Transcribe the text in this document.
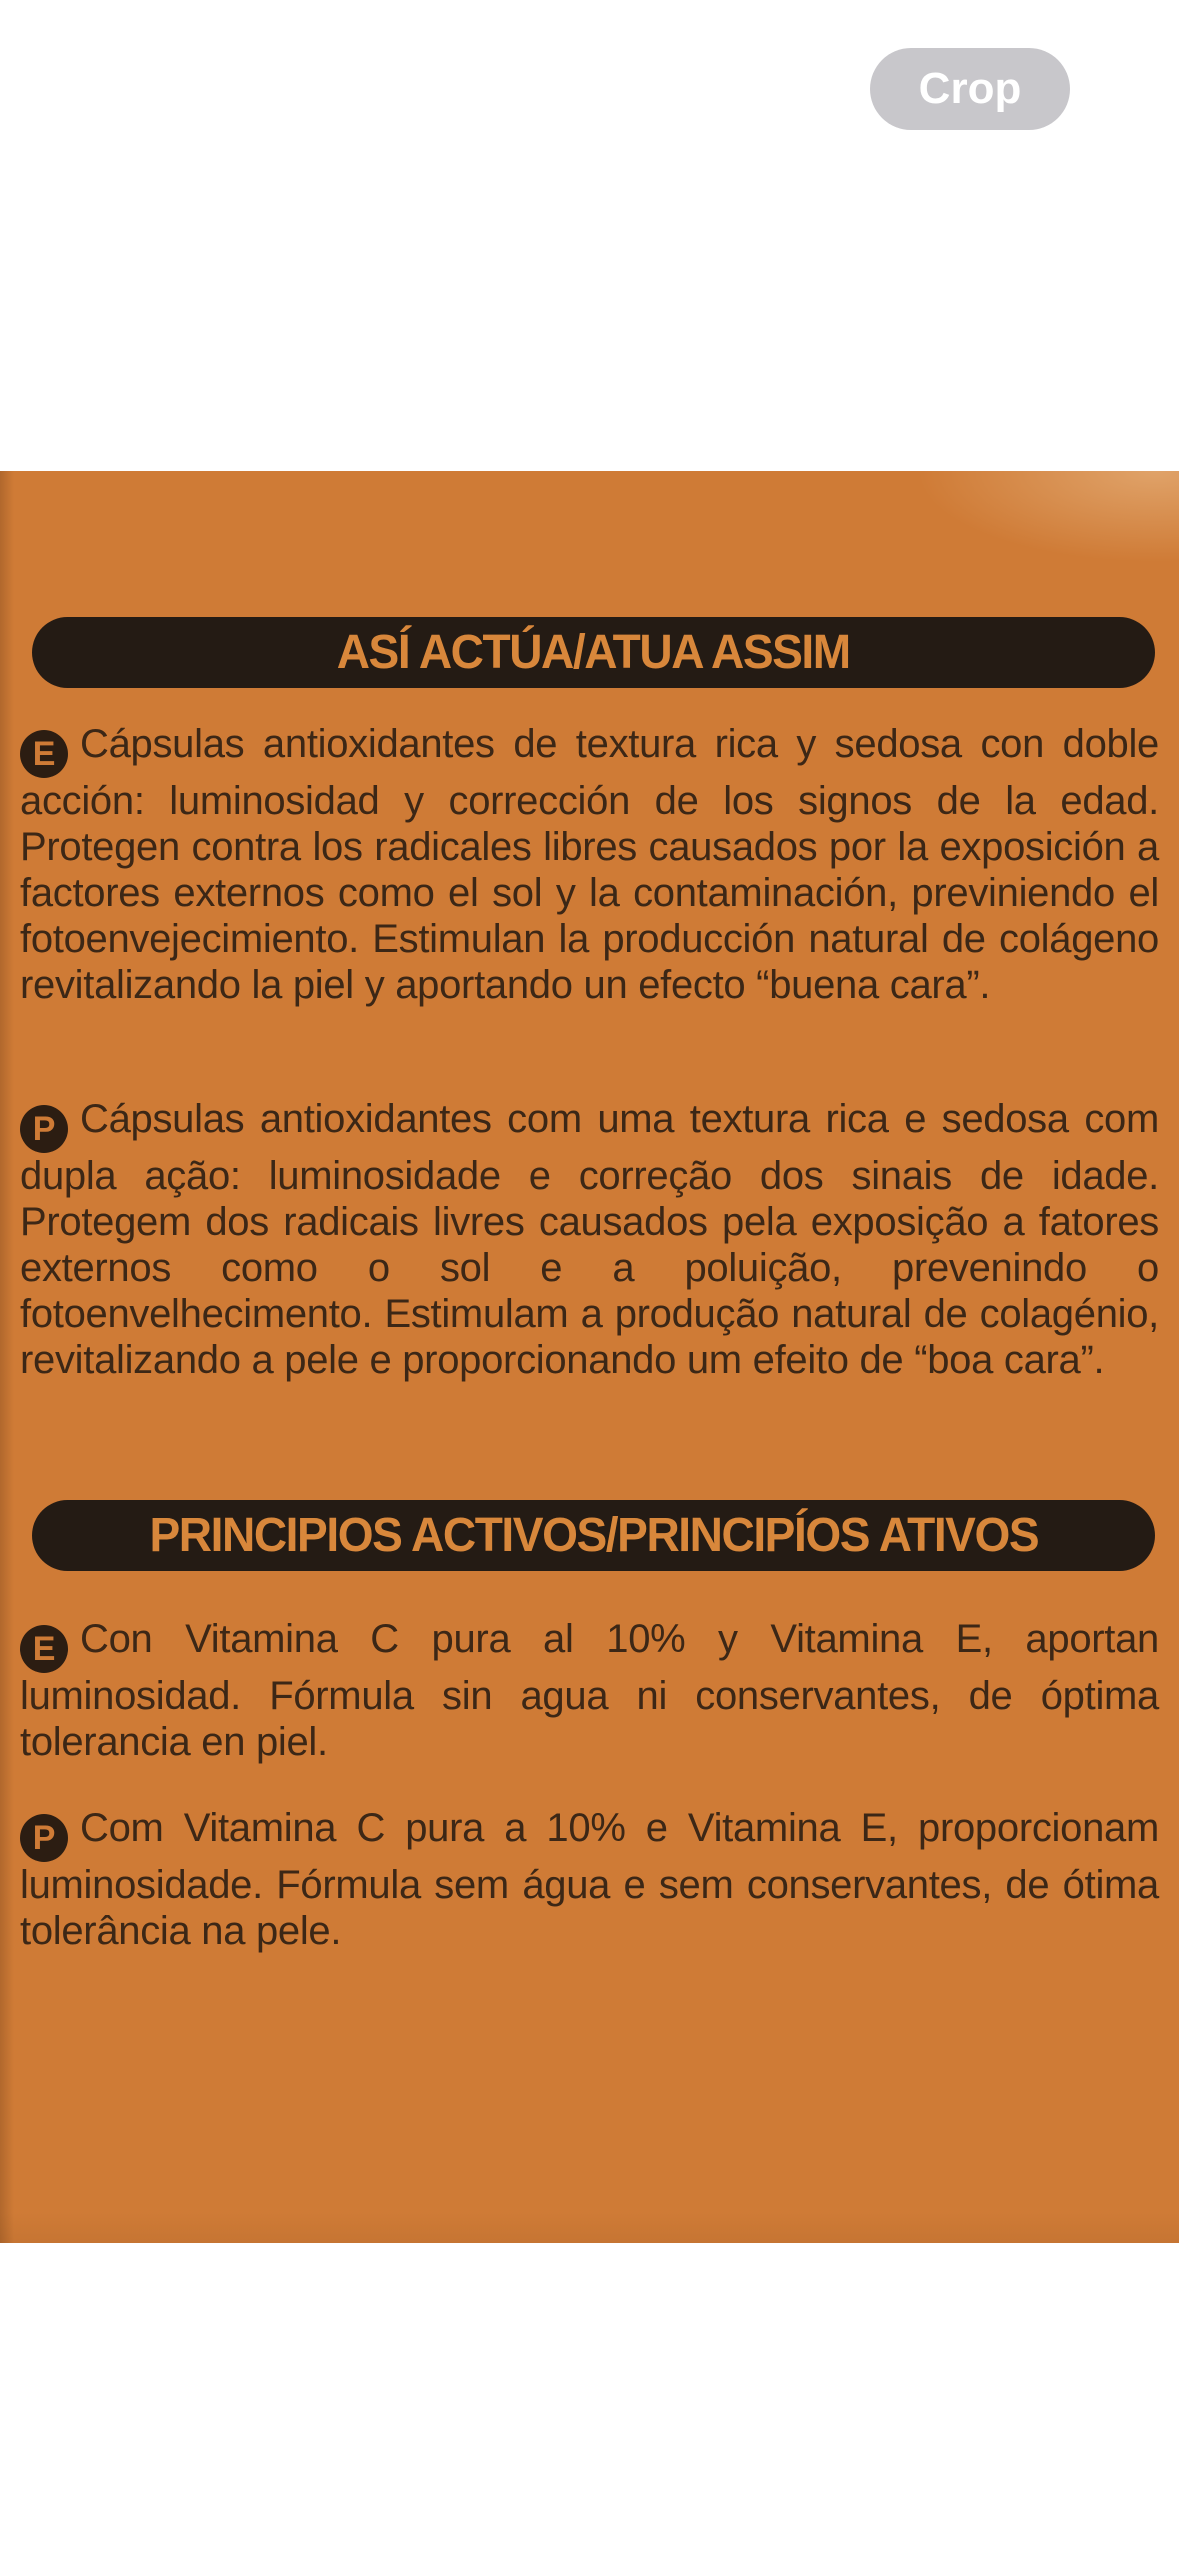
Crop
ASÍ ACTÚA/ATUA ASSIM

E Cápsulas antioxidantes de textura rica y sedosa con doble acción: luminosidad y corrección de los signos de la edad. Protegen contra los radicales libres causados por la exposición a factores externos como el sol y la contaminación, previniendo el fotoenvejecimiento. Estimulan la producción natural de colágeno revitalizando la piel y aportando un efecto “buena cara”.

P Cápsulas antioxidantes com uma textura rica e sedosa com dupla ação: luminosidade e correção dos sinais de idade. Protegem dos radicais livres causados pela exposição a fatores externos como o sol e a poluição, prevenindo o fotoenvelhecimento. Estimulam a produção natural de colagénio, revitalizando a pele e proporcionando um efeito de “boa cara”.

PRINCIPIOS ACTIVOS/PRINCIPÍOS ATIVOS

E Con Vitamina C pura al 10% y Vitamina E, aportan luminosidad. Fórmula sin agua ni conservantes, de óptima tolerancia en piel.

P Com Vitamina C pura a 10% e Vitamina E, proporcionam luminosidade. Fórmula sem água e sem conservantes, de ótima tolerância na pele.
